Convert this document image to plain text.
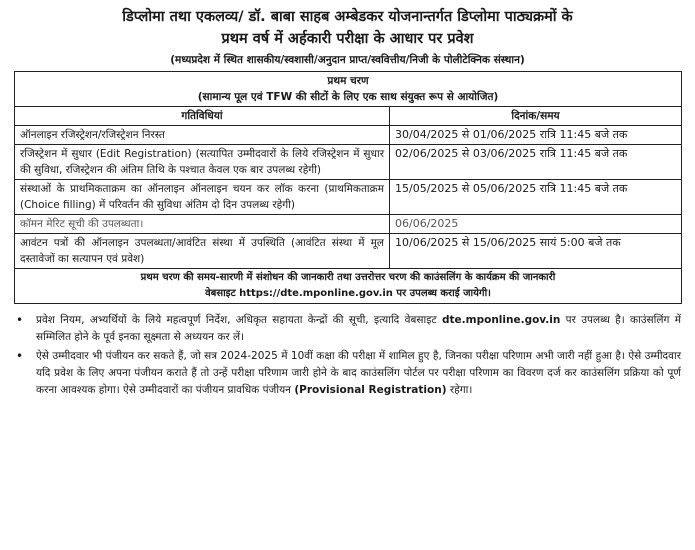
डिप्लोमा तथा एकलव्य/ डॉ. बाबा साहब अम्बेडकर योजनान्तर्गत डिप्लोमा पाठ्यक्रमों के

प्रथम वर्ष में अर्हकारी परीक्षा के आधार पर प्रवेश

(मध्यप्रदेश में स्थित शासकीय/स्वशासी/अनुदान प्राप्त/स्ववित्तीय/निजी के पोलीटेक्निक संस्थान)

प्रथम चरण
(सामान्य पूल एवं TFW की सीटों के लिए एक साथ संयुक्त रूप से आयोजित)	

गतिविधियां	दिनांक/समय
ऑनलाइन रजिस्ट्रेशन/रजिस्ट्रेशन निरस्त	30/04/2025 से 01/06/2025 रात्रि 11:45 बजे तक
रजिस्ट्रेशन में सुधार (Edit Registration) (सत्यापित उम्मीदवारों के लिये रजिस्ट्रेशन में सुधार की सुविधा, रजिस्ट्रेशन की अंतिम तिथि के पश्चात केवल एक बार उपलब्ध रहेगी)	02/06/2025 से 03/06/2025 रात्रि 11:45 बजे तक
संस्थाओं के प्राथमिकताक्रम का ऑनलाइन ऑनलाइन चयन कर लॉक करना (प्राथमिकताक्रम (Choice filling) में परिवर्तन की सुविधा अंतिम दो दिन उपलब्ध रहेगी)	15/05/2025 से 05/06/2025 रात्रि 11:45 बजे तक
कॉमन मेरिट सूची की उपलब्धता।	06/06/2025
आवंटन पत्रों की ऑनलाइन उपलब्धता/आवंटित संस्था में उपस्थिति (आवंटित संस्था में मूल दस्तावेजों का सत्यापन एवं प्रवेश)	10/06/2025 से 15/06/2025 सायं 5:00 बजे तक

प्रथम चरण की समय-सारणी में संशोधन की जानकारी तथा उत्तरोत्तर चरण की काउंसलिंग के कार्यक्रम की जानकारी
वेबसाइट https://dte.mponline.gov.in पर उपलब्ध कराई जायेगी।	
• प्रवेश नियम, अभ्यर्थियों के लिये महत्वपूर्ण निर्देश, अधिकृत सहायता केन्द्रों की सूची, इत्यादि वेबसाइट dte.mponline.gov.in पर उपलब्ध है। काउंसलिंग में सम्मिलित होने के पूर्व इनका सूक्ष्मता से अध्ययन कर लें।
• ऐसे उम्मीदवार भी पंजीयन कर सकते हैं, जो सत्र 2024-2025 में 10वीं कक्षा की परीक्षा में शामिल हुए है, जिनका परीक्षा परिणाम अभी जारी नहीं हुआ है। ऐसे उम्मीदवार यदि प्रवेश के लिए अपना पंजीयन कराते हैं तो उन्हें परीक्षा परिणाम जारी होने के बाद काउंसलिंग पोर्टल पर परीक्षा परिणाम का विवरण दर्ज कर काउंसलिंग प्रक्रिया को पूर्ण करना आवश्यक होगा। ऐसे उम्मीदवारों का पंजीयन प्रावधिक पंजीयन (Provisional Registration) रहेगा।
